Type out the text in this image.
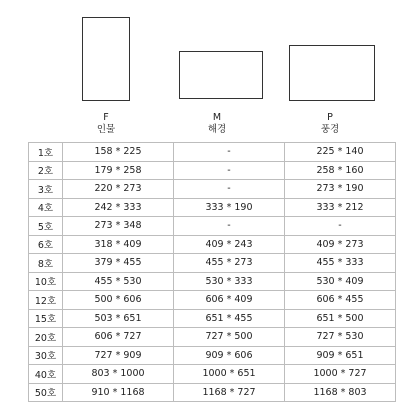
F
인물
M
해경
P
풍경
1호	158 * 225	-	225 * 140
2호	179 * 258	-	258 * 160
3호	220 * 273	-	273 * 190
4호	242 * 333	333 * 190	333 * 212
5호	273 * 348	-	-
6호	318 * 409	409 * 243	409 * 273
8호	379 * 455	455 * 273	455 * 333
10호	455 * 530	530 * 333	530 * 409
12호	500 * 606	606 * 409	606 * 455
15호	503 * 651	651 * 455	651 * 500
20호	606 * 727	727 * 500	727 * 530
30호	727 * 909	909 * 606	909 * 651
40호	803 * 1000	1000 * 651	1000 * 727
50호	910 * 1168	1168 * 727	1168 * 803
